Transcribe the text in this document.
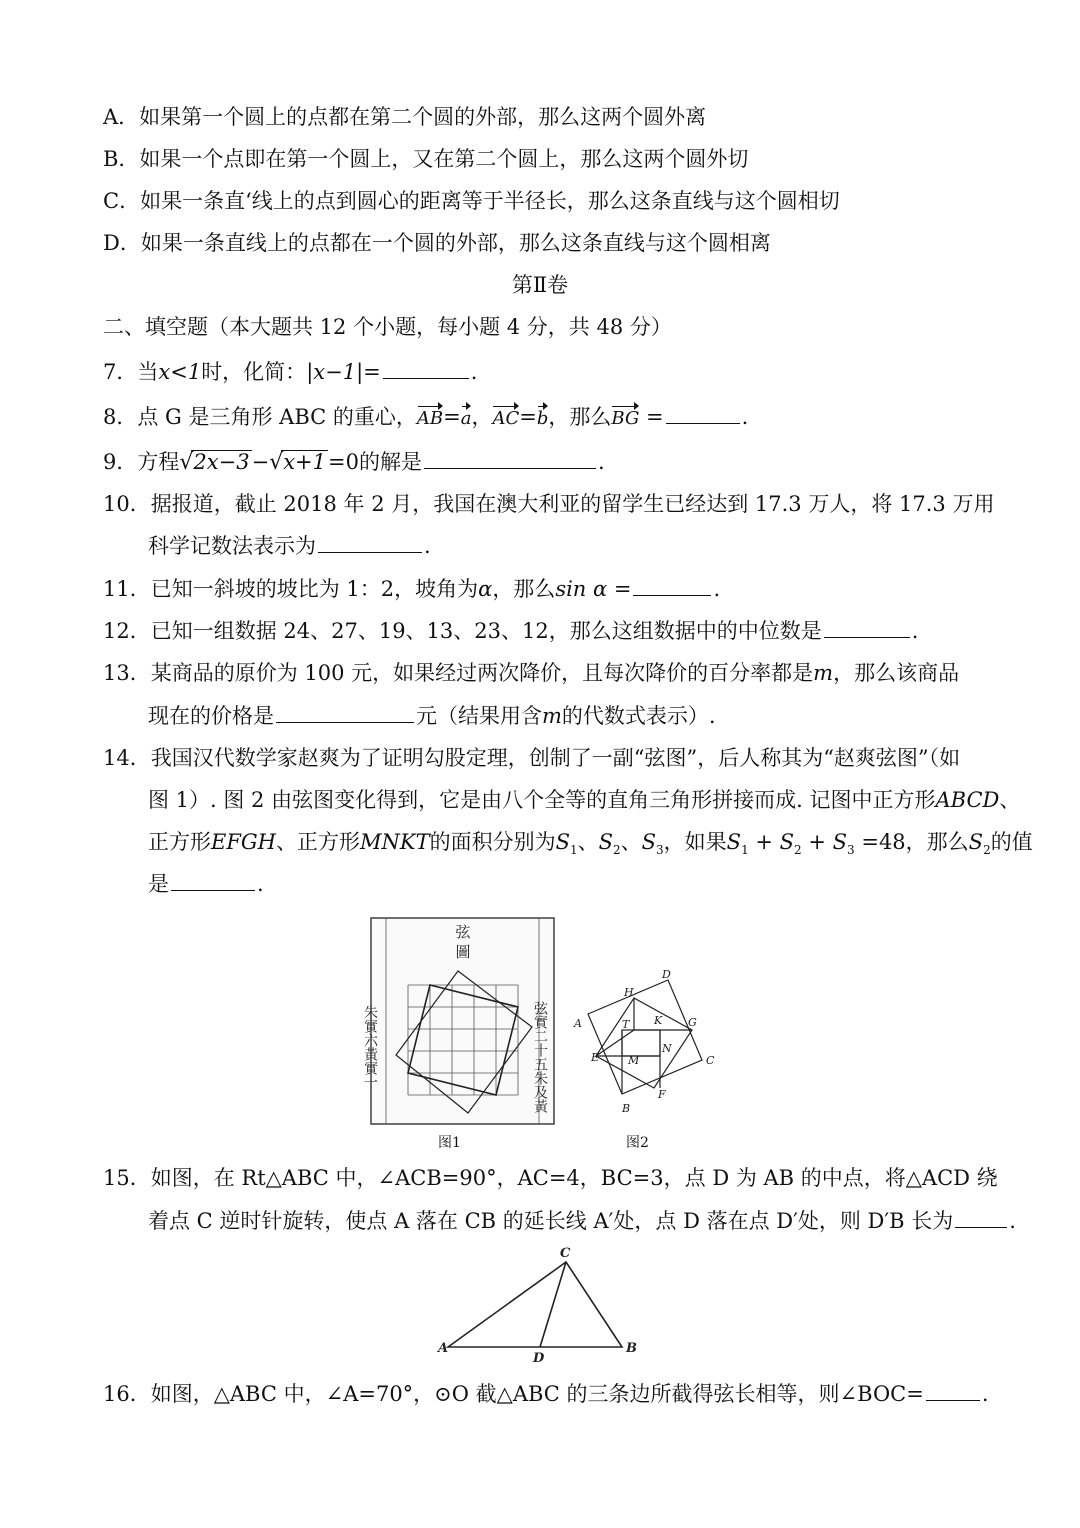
A．如果第一个圆上的点都在第二个圆的外部，那么这两个圆外离
B．如果一个点即在第一个圆上，又在第二个圆上，那么这两个圆外切
C．如果一条直‘线上的点到圆心的距离等于半径长，那么这条直线与这个圆相切
D．如果一条直线上的点都在一个圆的外部，那么这条直线与这个圆相离
第Ⅱ卷
二、填空题（本大题共 12 个小题，每小题 4 分，共 48 分）
7．当x<1时，化简：|x−1|=	.
8．点 G 是三角形 ABC 的重心，AB=a，AC=b，那么BG =	.
9．方程√2x−3−√x+1=0的解是	.
10．据报道，截止 2018 年 2 月，我国在澳大利亚的留学生已经达到 17.3 万人，将 17.3 万用
科学记数法表示为	.
11．已知一斜坡的坡比为 1：2，坡角为α，那么sin α =	.
12．已知一组数据 24、27、19、13、23、12，那么这组数据中的中位数是	.
13．某商品的原价为 100 元，如果经过两次降价，且每次降价的百分率都是m，那么该商品
现在的价格是	元（结果用含m的代数式表示）.
14．我国汉代数学家赵爽为了证明勾股定理，创制了一副“弦图”，后人称其为“赵爽弦图”（如
图 1）. 图 2 由弦图变化得到，它是由八个全等的直角三角形拼接而成. 记图中正方形ABCD、
正方形EFGH、正方形MNKT的面积分别为$S_1$、$S_2$、$S_3$，如果$S_1 + S_2 + S_3 =48$，那么$S_2$的值
是	.
弦
圖
朱實六黃實一	弦實二十五朱及黃
图1
A
B
C
D
E
F
G
H
M
N
K
T
图2
15．如图，在 Rt△ABC 中，∠ACB=90°，AC=4，BC=3，点 D 为 AB 的中点，将△ACD 绕
着点 C 逆时针旋转，使点 A 落在 CB 的延长线 A′处，点 D 落在点 D′处，则 D′B 长为	.
A	B
C
D
16．如图，△ABC 中，∠A=70°，⊙O 截△ABC 的三条边所截得弦长相等，则∠BOC=	.
